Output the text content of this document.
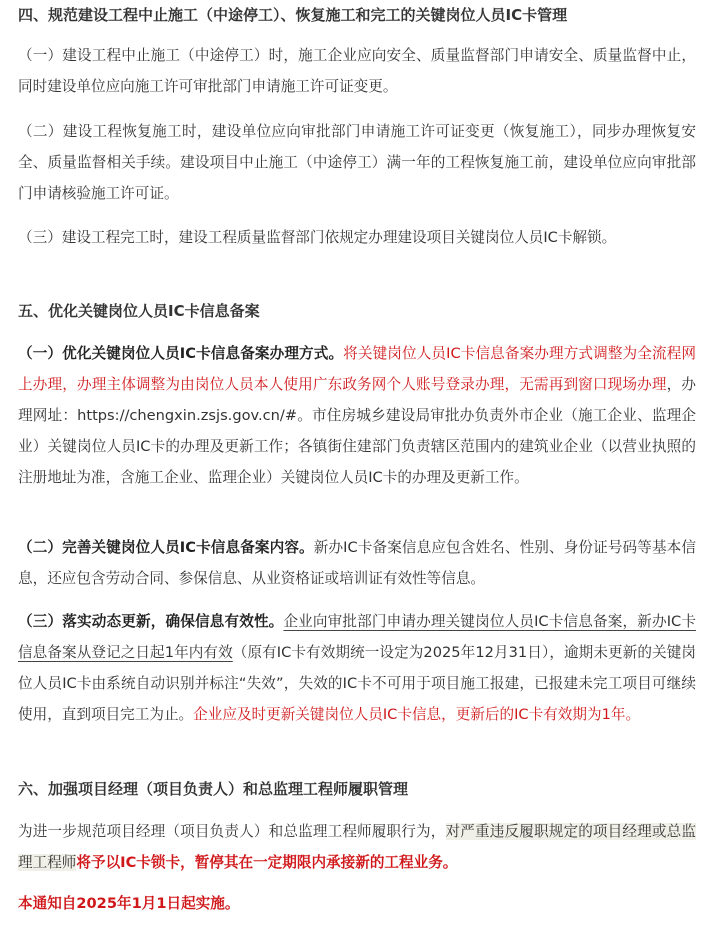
四、规范建设工程中止施工（中途停工）、恢复施工和完工的关键岗位人员IC卡管理

（一）建设工程中止施工（中途停工）时，施工企业应向安全、质量监督部门申请安全、质量监督中止，同时建设单位应向施工许可审批部门申请施工许可证变更。

（二）建设工程恢复施工时，建设单位应向审批部门申请施工许可证变更（恢复施工），同步办理恢复安全、质量监督相关手续。建设项目中止施工（中途停工）满一年的工程恢复施工前，建设单位应向审批部门申请核验施工许可证。

（三）建设工程完工时，建设工程质量监督部门依规定办理建设项目关键岗位人员IC卡解锁。

五、优化关键岗位人员IC卡信息备案

（一）优化关键岗位人员IC卡信息备案办理方式。将关键岗位人员IC卡信息备案办理方式调整为全流程网上办理，办理主体调整为由岗位人员本人使用广东政务网个人账号登录办理，无需再到窗口现场办理，办理网址：https://chengxin.zsjs.gov.cn/#。市住房城乡建设局审批办负责外市企业（施工企业、监理企业）关键岗位人员IC卡的办理及更新工作；各镇街住建部门负责辖区范围内的建筑业企业（以营业执照的注册地址为准，含施工企业、监理企业）关键岗位人员IC卡的办理及更新工作。

（二）完善关键岗位人员IC卡信息备案内容。新办IC卡备案信息应包含姓名、性别、身份证号码等基本信息，还应包含劳动合同、参保信息、从业资格证或培训证有效性等信息。

（三）落实动态更新，确保信息有效性。企业向审批部门申请办理关键岗位人员IC卡信息备案，新办IC卡信息备案从登记之日起1年内有效（原有IC卡有效期统一设定为2025年12月31日），逾期未更新的关键岗位人员IC卡由系统自动识别并标注“失效”，失效的IC卡不可用于项目施工报建，已报建未完工项目可继续使用，直到项目完工为止。企业应及时更新关键岗位人员IC卡信息，更新后的IC卡有效期为1年。

六、加强项目经理（项目负责人）和总监理工程师履职管理

为进一步规范项目经理（项目负责人）和总监理工程师履职行为，对严重违反履职规定的项目经理或总监理工程师将予以IC卡锁卡，暂停其在一定期限内承接新的工程业务。

本通知自2025年1月1日起实施。
